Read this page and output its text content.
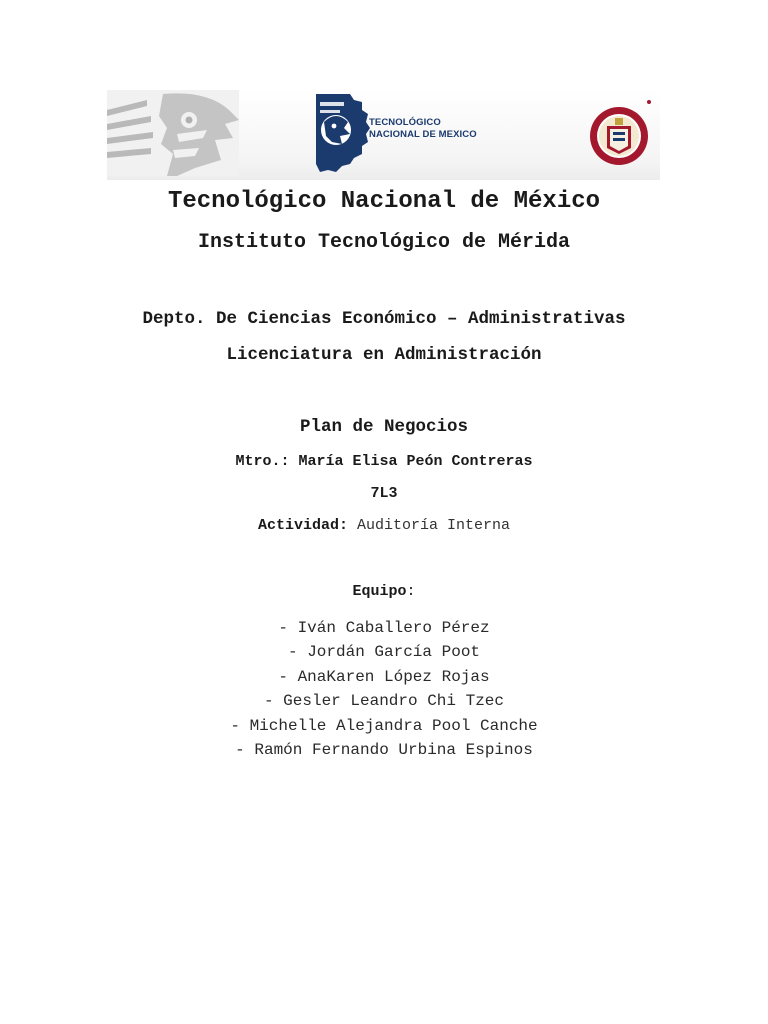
TECNOLÓGICO
NACIONAL DE MEXICO
Tecnológico Nacional de México
Instituto Tecnológico de Mérida
Depto. De Ciencias Económico – Administrativas
Licenciatura en Administración
Plan de Negocios
Mtro.: María Elisa Peón Contreras
7L3
Actividad: Auditoría Interna
Equipo:
- Iván Caballero Pérez
- Jordán García Poot
- AnaKaren López Rojas
- Gesler Leandro Chi Tzec
- Michelle Alejandra Pool Canche
- Ramón Fernando Urbina Espinos
